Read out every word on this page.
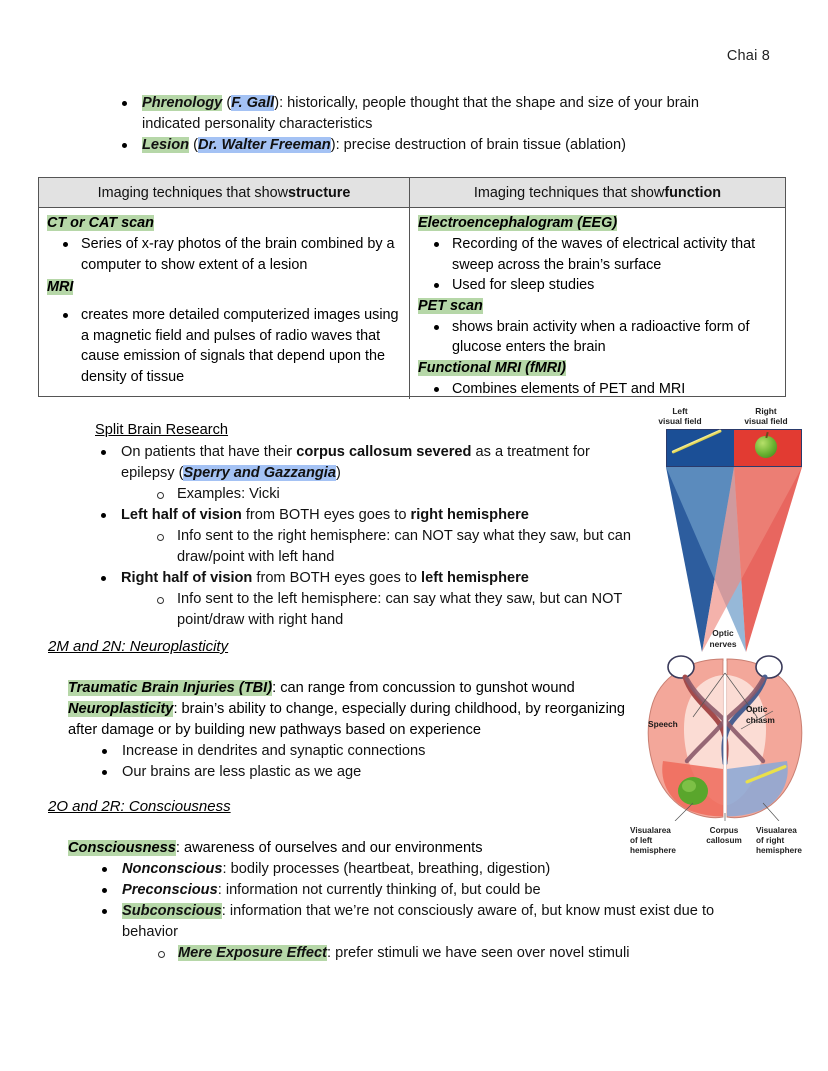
Chai 8
Phrenology (F. Gall): historically, people thought that the shape and size of your brain indicated personality characteristics
Lesion (Dr. Walter Freeman): precise destruction of brain tissue (ablation)
Imaging techniques that show structure	Imaging techniques that show function
CT or CAT scan
Series of x-ray photos of the brain combined by a computer to show extent of a lesion
MRI
creates more detailed computerized images using a magnetic field and pulses of radio waves that cause emission of signals that depend upon the density of tissue
Electroencephalogram (EEG)
Recording of the waves of electrical activity that sweep across the brain’s surface
Used for sleep studies
PET scan
shows brain activity when a radioactive form of glucose enters the brain
Functional MRI (fMRI)
Combines elements of PET and MRI
Split Brain Research
On patients that have their corpus callosum severed as a treatment for epilepsy (Sperry and Gazzangia)
Examples: Vicki
Left half of vision from BOTH eyes goes to right hemisphere
Info sent to the right hemisphere: can NOT say what they saw, but can draw/point with left hand
Right half of vision from BOTH eyes goes to left hemisphere
Info sent to the left hemisphere: can say what they saw, but can NOT point/draw with right hand
2M and 2N: Neuroplasticity

Traumatic Brain Injuries (TBI): can range from concussion to gunshot wound

Neuroplasticity: brain’s ability to change, especially during childhood, by reorganizing after damage or by building new pathways based on experience

Increase in dendrites and synaptic connections
Our brains are less plastic as we age
2O and 2R: Consciousness

Consciousness: awareness of ourselves and our environments

Nonconscious: bodily processes (heartbeat, breathing, digestion)
Preconscious: information not currently thinking of, but could be
Subconscious: information that we’re not consciously aware of, but know must exist due to behavior
Mere Exposure Effect: prefer stimuli we have seen over novel stimuli
Left
visual field
Right
visual field
Optic
nerves
Optic
chiasm
Speech
Visualarea
of left
hemisphere
Corpus
callosum
Visualarea
of right
hemisphere
